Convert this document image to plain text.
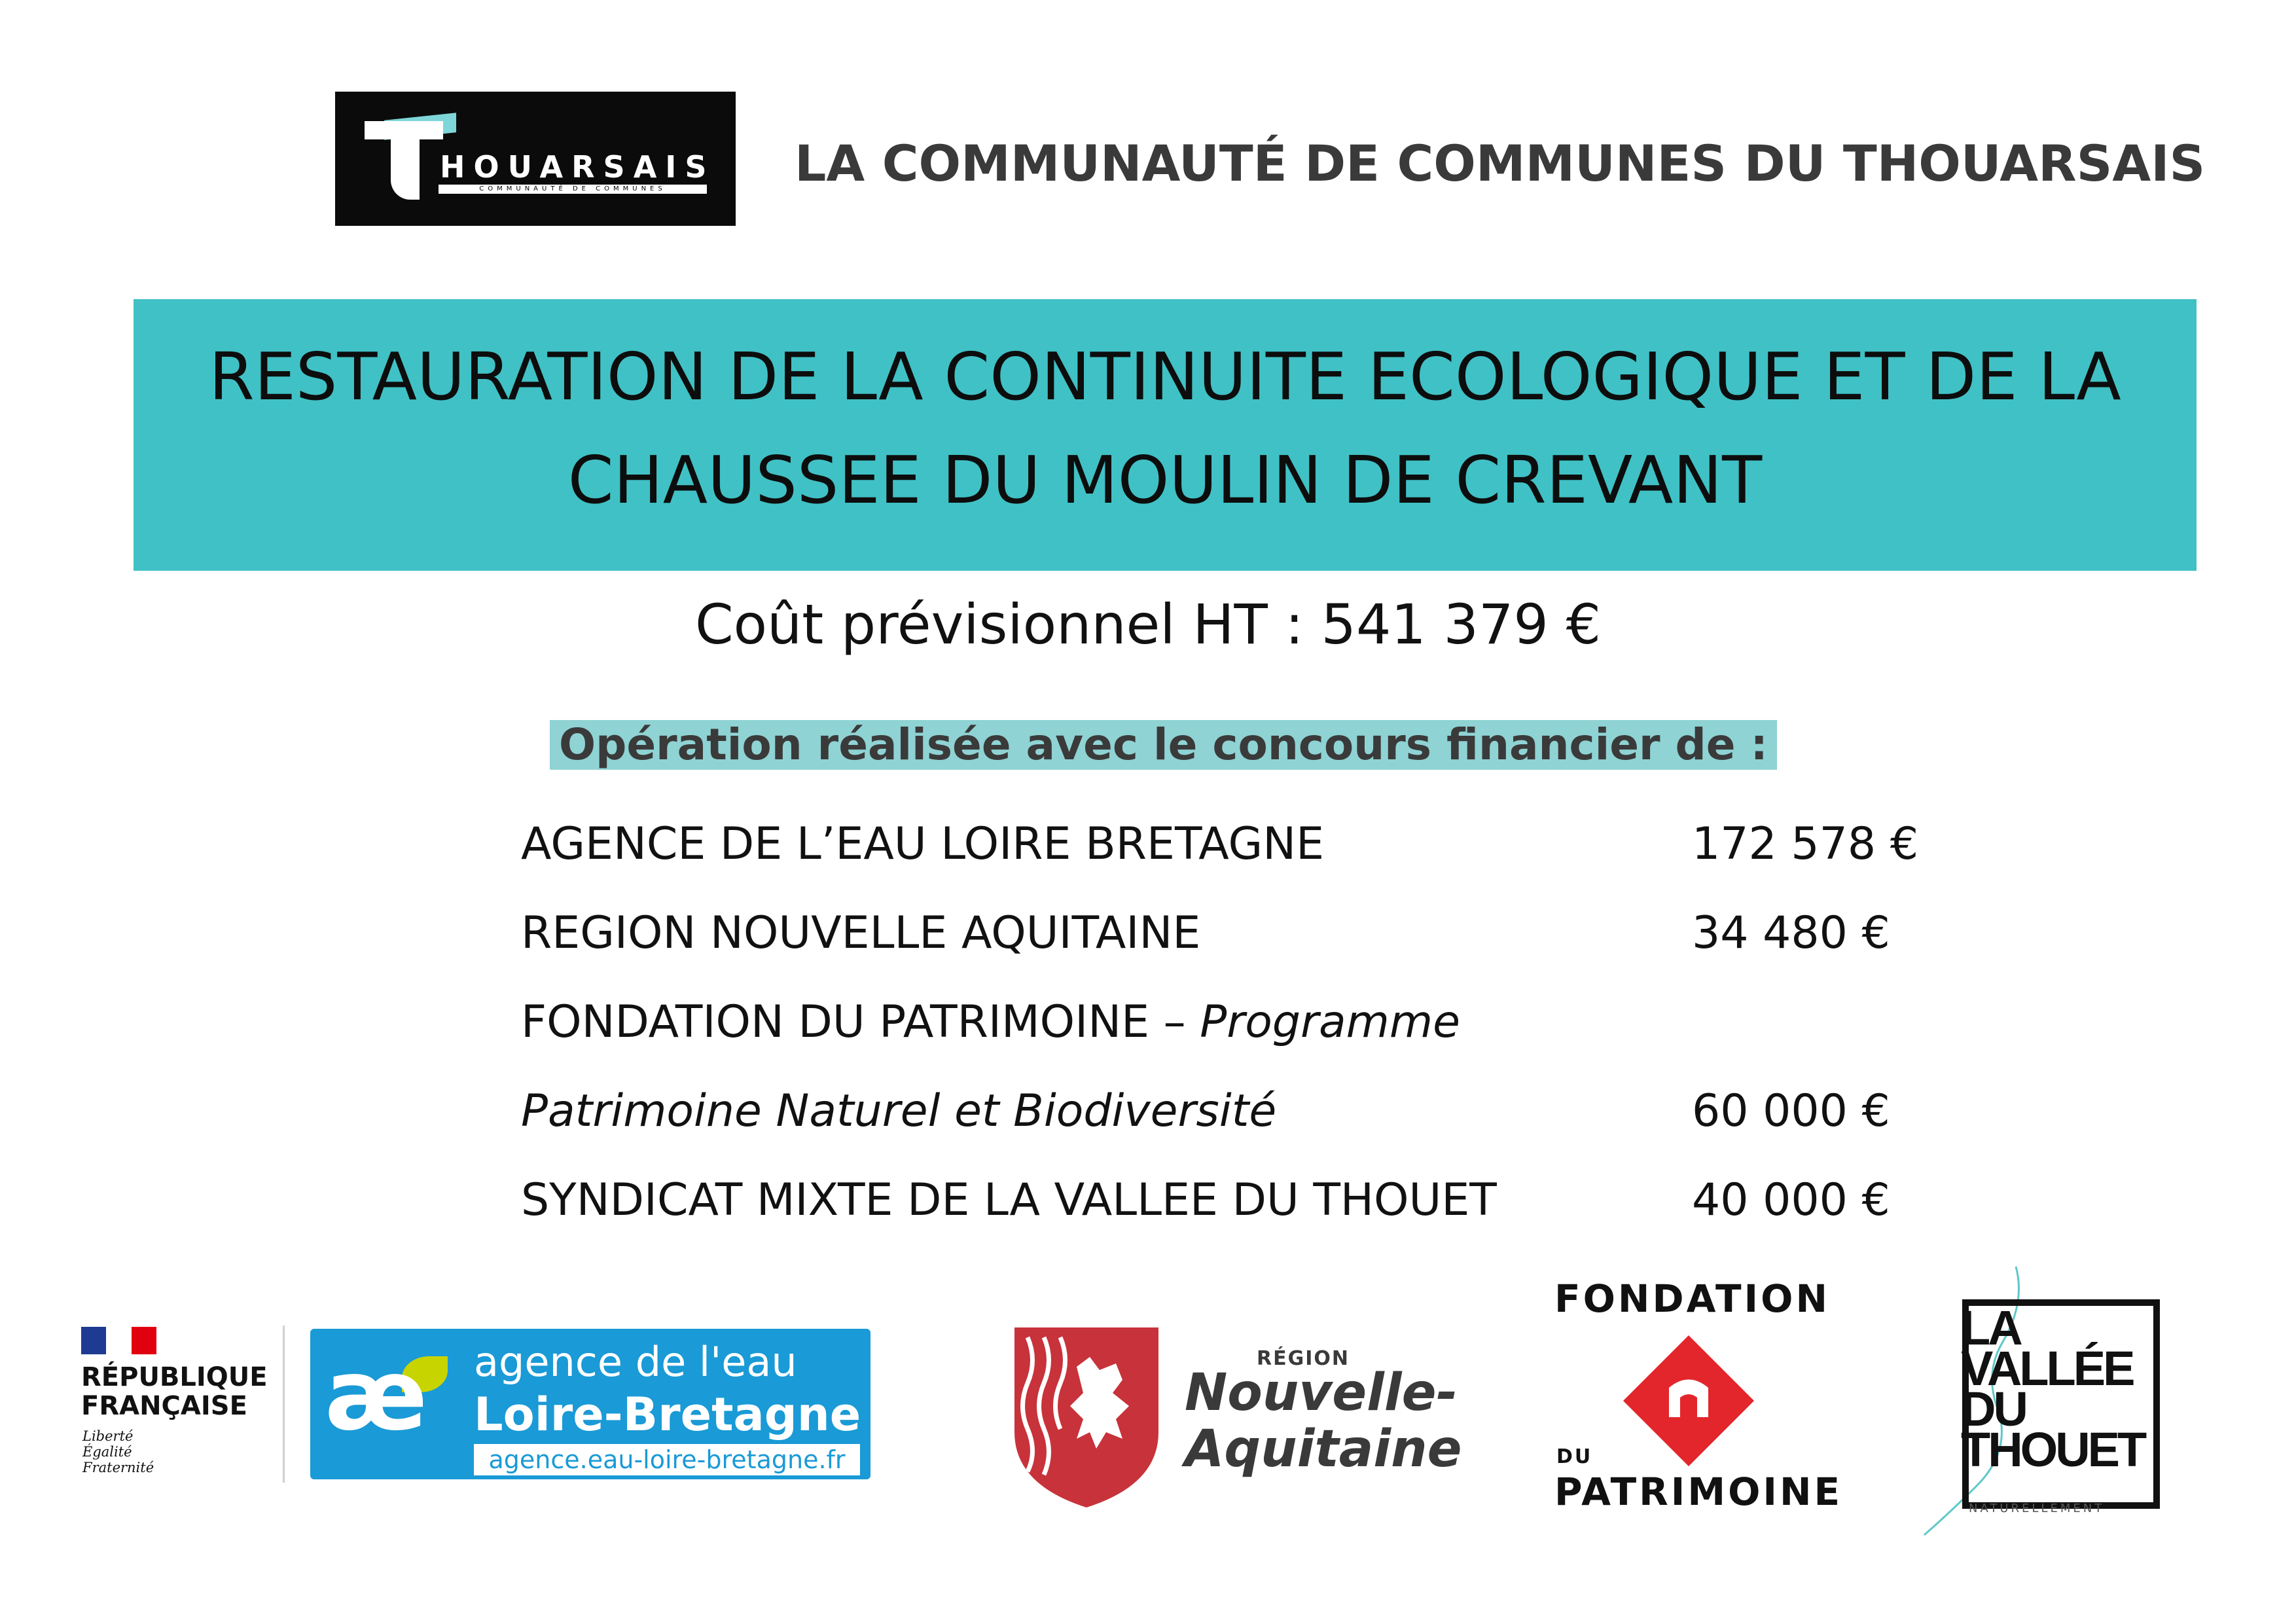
HOUARSAIS
COMMUNAUTÉ DE COMMUNES	LA COMMUNAUTÉ DE COMMUNES DU THOUARSAIS
RESTAURATION DE LA CONTINUITE ECOLOGIQUE ET DE LA
CHAUSSEE DU MOULIN DE CREVANT
Coût prévisionnel HT : 541 379 €
Opération réalisée avec le concours financier de :
AGENCE DE L’EAU LOIRE BRETAGNE	172 578 €
REGION NOUVELLE AQUITAINE	34 480 €
FONDATION DU PATRIMOINE – Programme
Patrimoine Naturel et Biodiversité	60 000 €
SYNDICAT MIXTE DE LA VALLEE DU THOUET	40 000 €
RÉPUBLIQUE
FRANÇAISE
Liberté
Égalité
Fraternité
æ agence de l'eau
Loire-Bretagne
agence.eau-loire-bretagne.fr
RÉGION
Nouvelle-
Aquitaine
FONDATION
DU
PATRIMOINE
LA
VALLÉE
DU
THOUET
NATURELLEMENT
